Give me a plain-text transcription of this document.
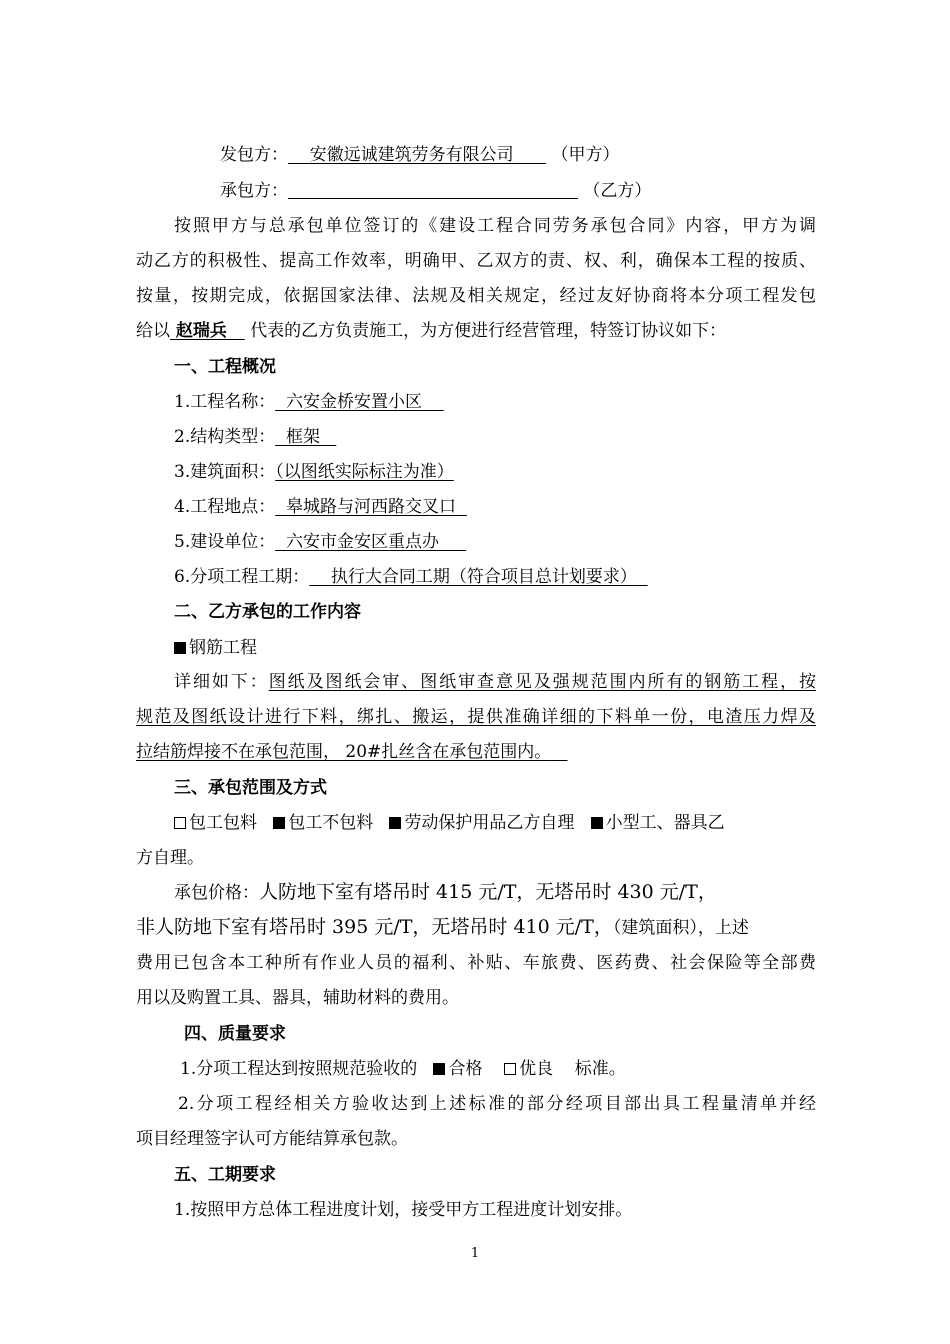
发包方： 安徽远诚建筑劳务有限公司 （甲方）
承包方：	（乙方）
按照甲方与总承包单位签订的《建设工程合同劳务承包合同》内容，甲方为调
动乙方的积极性、提高工作效率，明确甲、乙双方的责、权、利，确保本工程的按质、
按量，按期完成，依据国家法律、法规及相关规定，经过友好协商将本分项工程发包
给以 赵瑞兵 代表的乙方负责施工，为方便进行经营管理，特签订协议如下：
一、工程概况
1.工程名称： 六安金桥安置小区
2.结构类型： 框架
3.建筑面积：（以图纸实际标注为准）
4.工程地点： 皋城路与河西路交叉口
5.建设单位： 六安市金安区重点办
6.分项工程工期： 执行大合同工期（符合项目总计划要求）
二、乙方承包的工作内容
钢筋工程
详细如下：图纸及图纸会审、图纸审查意见及强规范围内所有的钢筋工程，按
规范及图纸设计进行下料，绑扎、搬运，提供准确详细的下料单一份，电渣压力焊及
拉结筋焊接不在承包范围， 20#扎丝含在承包范围内。
三、承包范围及方式
包工包料 包工不包料 劳动保护用品乙方自理 小型工、器具乙
方自理。
承包价格：人防地下室有塔吊时 415 元/T，无塔吊时 430 元/T，
非人防地下室有塔吊时 395 元/T，无塔吊时 410 元/T，（建筑面积），上述
费用已包含本工种所有作业人员的福利、补贴、车旅费、医药费、社会保险等全部费
用以及购置工具、器具，辅助材料的费用。
四、质量要求
1.分项工程达到按照规范验收的 合格 优良 标准。
2.分项工程经相关方验收达到上述标准的部分经项目部出具工程量清单并经
项目经理签字认可方能结算承包款。
五、工期要求
1.按照甲方总体工程进度计划，接受甲方工程进度计划安排。
1
